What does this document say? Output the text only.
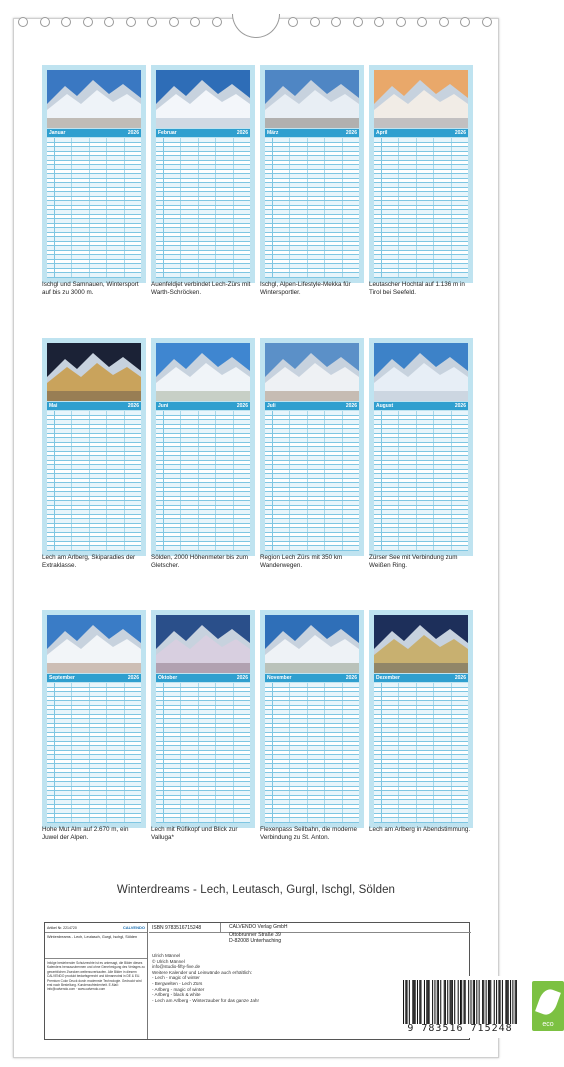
Januar	2026
Ischgl und Samnauen, Wintersport auf bis zu 3000 m.
Februar	2026
Auenfeldjet verbindet Lech-Zürs mit Warth-Schröcken.
März	2026
Ischgl, Alpen-Lifestyle-Mekka für Wintersportler.
April	2026
Leutascher Hochtal auf 1.136 m in Tirol bei Seefeld.
Mai	2026
Lech am Arlberg, Skiparadies der Extraklasse.
Juni	2026
Sölden, 2000 Höhenmeter bis zum Gletscher.
Juli	2026
Region Lech Zürs mit 350 km Wanderwegen.
August	2026
Zürser See mit Verbindung zum Weißen Ring.
September	2026
Hohe Mut Alm auf 2.670 m, ein Juwel der Alpen.
Oktober	2026
Lech mit Rüfikopf und Blick zur Valluga*
November	2026
Flexenpass Seilbahn, die moderne Verbindung zu St. Anton.
Dezember	2026
Lech am Arlberg in Abendstimmung.
Winterdreams - Lech, Leutasch, Gurgl, Ischgl, Sölden
Artikel Nr. 2214720	CALVENDO
Winterdreams - Lech, Leutasch, Gurgl, Ischgl, Sölden
Infolge bestehender Schutzrechte ist es untersagt, die Bilder dieses Kalenders herauszutrennen und ohne Genehmigung des Verlages zu gewerblichen Zwecken weiterzuverkaufen. Alle Bilder in diesem CALVENDO produkt bedarfsgerecht und klimaneutral in DE & EU. Premium Color Druck durch modernste Technologie. Gedruckt wird erst nach Bestellung. Kundenzufriedenheit. E-Mail: info@calvendo.com · www.calvendo.com
ISBN 9783516715248	CALVENDO Verlag GmbH
Ottobrunner Straße 39
D-82008 Unterhaching
Ulrich Männel
© Ulrich Männel
info@studio-fifty-five.de
Weitere Kalender und Leinwände auch erhältlich:
- Lech - magic of winter
- Bergwelten - Lech Zürs
- Arlberg - magic of winter
- Arlberg - black & white
- Lech am Arlberg - Winterzauber für das ganze Jahr
9 783516 715248	eco
